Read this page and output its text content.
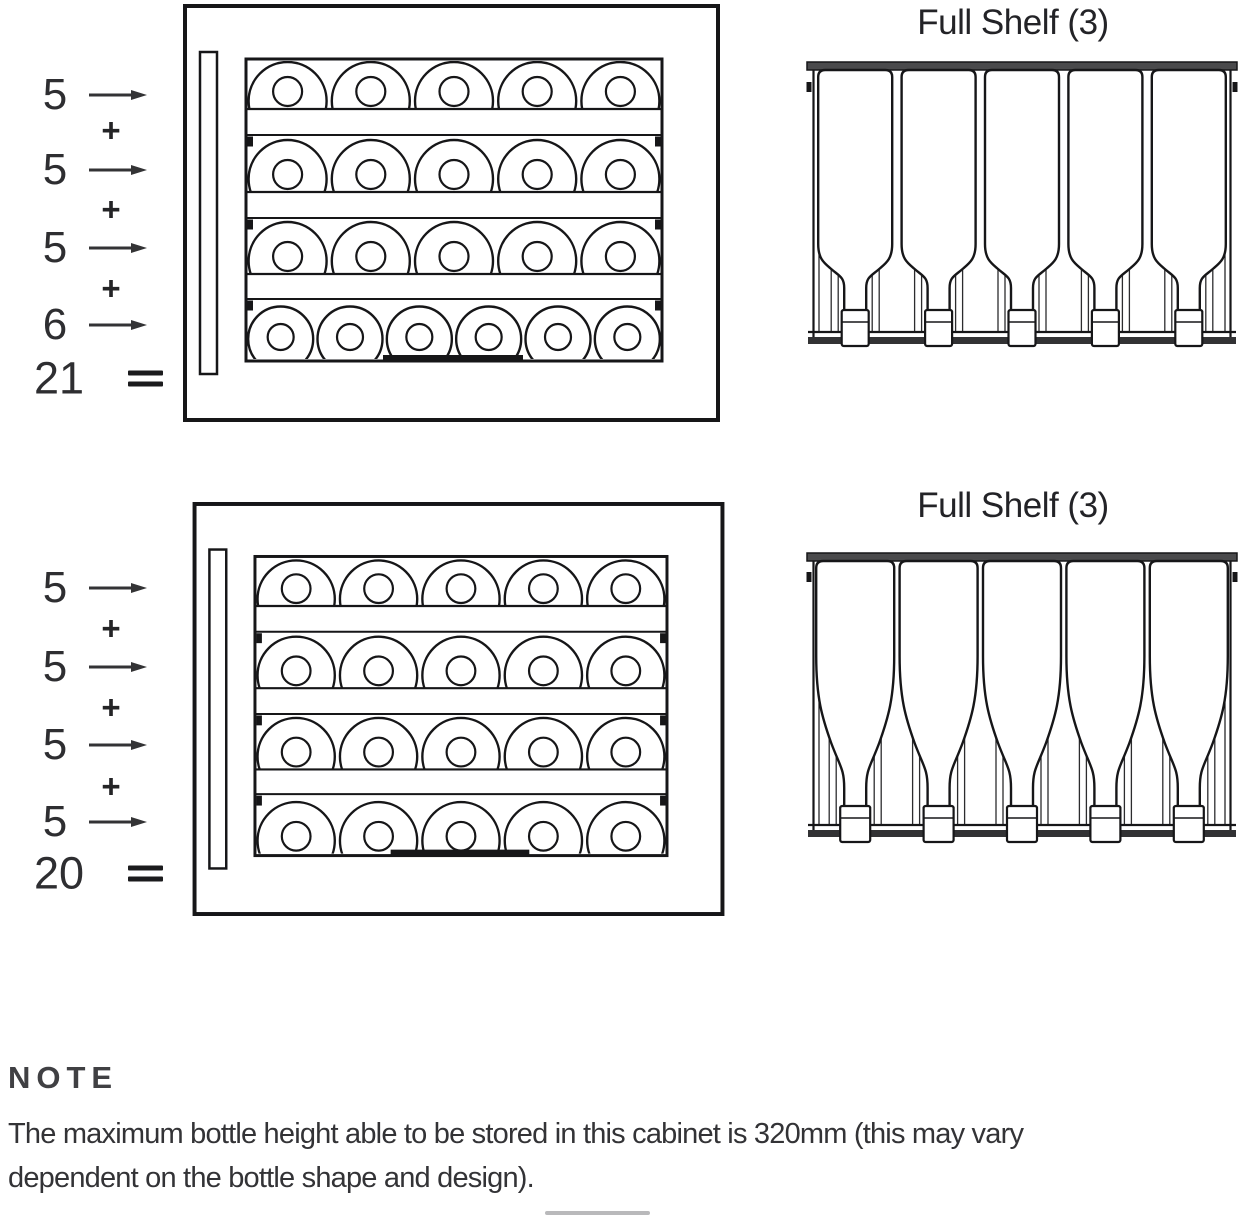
5
+
5
+
5
+
6
21
Full Shelf (3)
5
+
5
+
5
+
5
20
Full Shelf (3)
NOTE
The maximum bottle height able to be stored in this cabinet is 320mm (this may vary
dependent on the bottle shape and design).
